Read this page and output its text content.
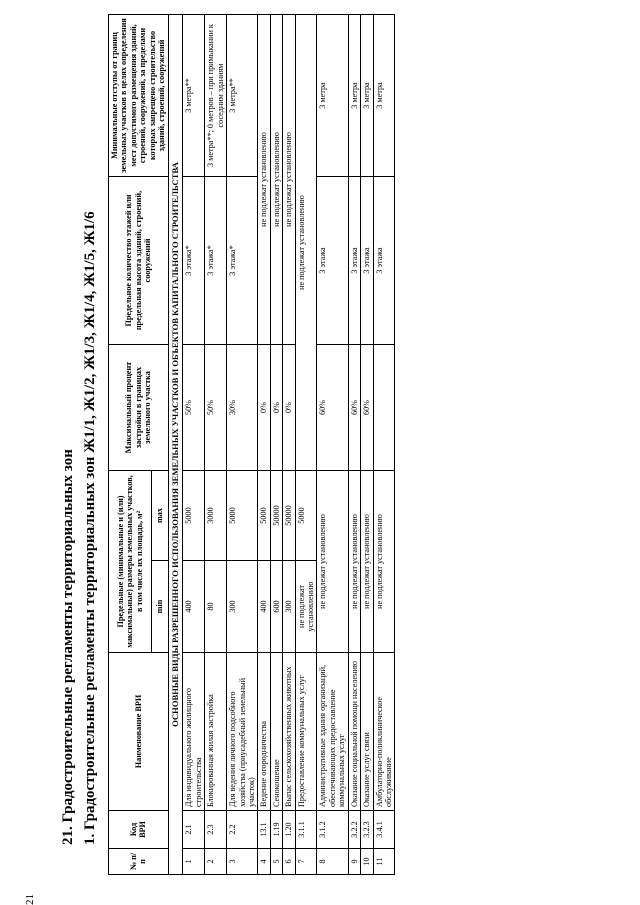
21
21. Градостроительные регламенты территориальных зон 1. Градостроительные регламенты территориальных зон Ж1/1, Ж1/2, Ж1/3, Ж1/4, Ж1/5, Ж1/6
№ п/п	Код ВРИ	Наименование ВРИ	Предельные (минимальные и (или) максимальные) размеры земельных участков, в том числе их площадь, м²		Максимальный процент застройки в границах земельного участка	Предельное количество этажей или предельная высота зданий, строений, сооружений	Минимальные отступы от границ земельных участков в целях определения мест допустимого размещения зданий, строений, сооружений, за пределами которых запрещено строительство зданий, строений, сооружений
			min	max			
ОСНОВНЫЕ ВИДЫ РАЗРЕШЕННОГО ИСПОЛЬЗОВАНИЯ ЗЕМЕЛЬНЫХ УЧАСТКОВ И ОБЪЕКТОВ КАПИТАЛЬНОГО СТРОИТЕЛЬСТВА							
1	2.1	Для индивидуального жилищного строительства	400	5000	50%	3 этажа*	3 метра**
2	2.3	Блокированная жилая застройка	80	3000	50%	3 этажа*	3 метра**; 0 метров – при примыкании к соседним зданиям
3	2.2	Для ведения личного подсобного хозяйства (приусадебный земельный участок)	300	5000	30%	3 этажа*	3 метра**
4	13.1	Ведение огородничества	400	5000	0%	не подлежат установлению	
5	1.19	Сенокошение	600	50000	0%	не подлежат установлению	
6	1.20	Выпас сельскохозяйственных животных	300	50000	0%	не подлежат установлению	
7	3.1.1	Предоставление коммунальных услуг	не подлежат установлению	5000	не подлежат установлению		
8	3.1.2	Административные здания организаций, обеспечивающих предоставление коммунальных услуг	не подлежат установлению		60%	3 этажа	3 метра
9	3.2.2	Оказание социальной помощи населению	не подлежат установлению		60%	3 этажа	3 метра
10	3.2.3	Оказание услуг связи	не подлежат установлению		60%	3 этажа	3 метра
11	3.4.1	Амбулаторно-поликлиническое обслуживание	не подлежат установлению			3 этажа	3 метра
